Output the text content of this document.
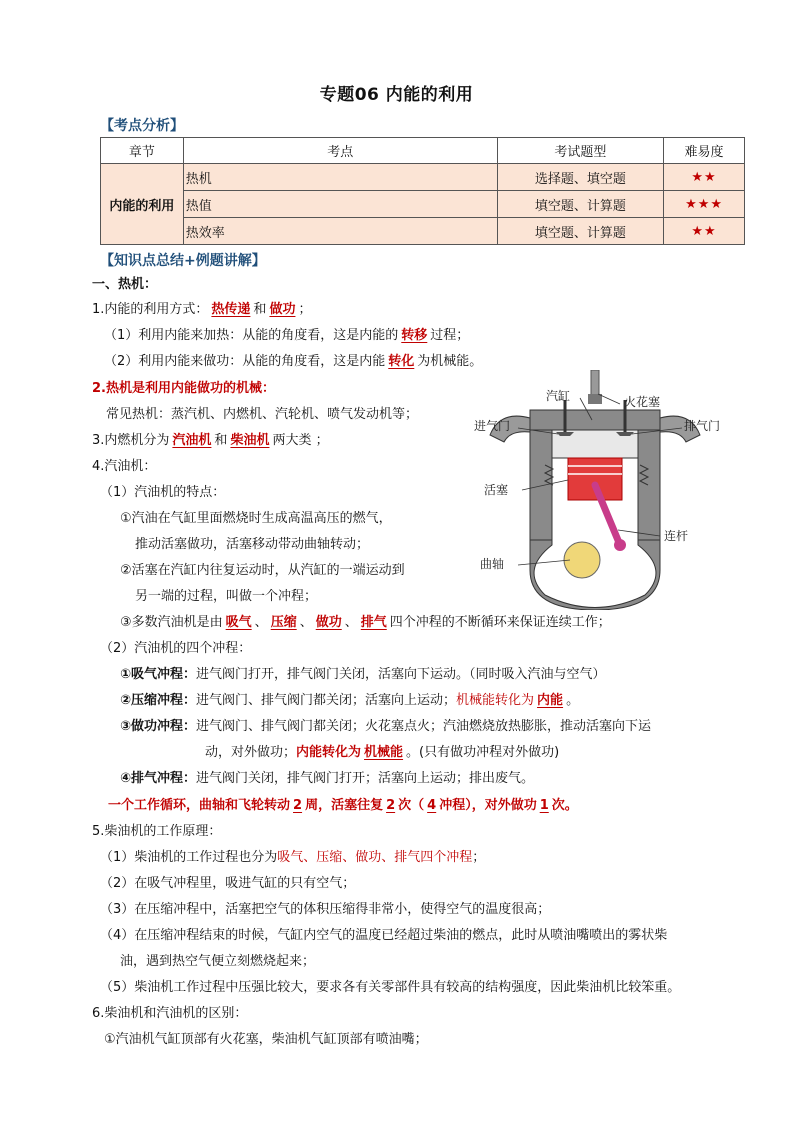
专题06 内能的利用
【考点分析】
章节	考点	考试题型	难易度
内能的利用	热机	选择题、填空题	★★
	热值	填空题、计算题	★★★
	热效率	填空题、计算题	★★
【知识点总结+例题讲解】
一、热机：
1.内能的利用方式： 热传递 和 做功 ；
（1）利用内能来加热：从能的角度看，这是内能的 转移 过程；
（2）利用内能来做功：从能的角度看，这是内能 转化 为机械能。
2.热机是利用内能做功的机械：
常见热机：蒸汽机、内燃机、汽轮机、喷气发动机等；
3.内燃机分为 汽油机 和 柴油机 两大类 ；
4.汽油机：
（1）汽油机的特点：
①汽油在气缸里面燃烧时生成高温高压的燃气，
推动活塞做功，活塞移动带动曲轴转动；
②活塞在汽缸内往复运动时，从汽缸的一端运动到
另一端的过程，叫做一个冲程；
③多数汽油机是由 吸气 、 压缩 、 做功 、 排气 四个冲程的不断循环来保证连续工作；
（2）汽油机的四个冲程：
①吸气冲程：进气阀门打开，排气阀门关闭，活塞向下运动。（同时吸入汽油与空气）
②压缩冲程：进气阀门、排气阀门都关闭；活塞向上运动；机械能转化为 内能 。
③做功冲程：进气阀门、排气阀门都关闭；火花塞点火；汽油燃烧放热膨胀，推动活塞向下运
动，对外做功；内能转化为 机械能 。(只有做功冲程对外做功)
④排气冲程：进气阀门关闭，排气阀门打开；活塞向上运动；排出废气。
一个工作循环，曲轴和飞轮转动 2 周，活塞往复 2 次（ 4 冲程），对外做功 1 次。
5.柴油机的工作原理：
（1）柴油机的工作过程也分为吸气、压缩、做功、排气四个冲程；
（2）在吸气冲程里，吸进气缸的只有空气；
（3）在压缩冲程中，活塞把空气的体积压缩得非常小，使得空气的温度很高；
（4）在压缩冲程结束的时候，气缸内空气的温度已经超过柴油的燃点，此时从喷油嘴喷出的雾状柴
油，遇到热空气便立刻燃烧起来；
（5）柴油机工作过程中压强比较大，要求各有关零部件具有较高的结构强度，因此柴油机比较笨重。
6.柴油机和汽油机的区别：
①汽油机气缸顶部有火花塞，柴油机气缸顶部有喷油嘴；
汽缸	火花塞
进气门	排气门
活塞
连杆
曲轴
